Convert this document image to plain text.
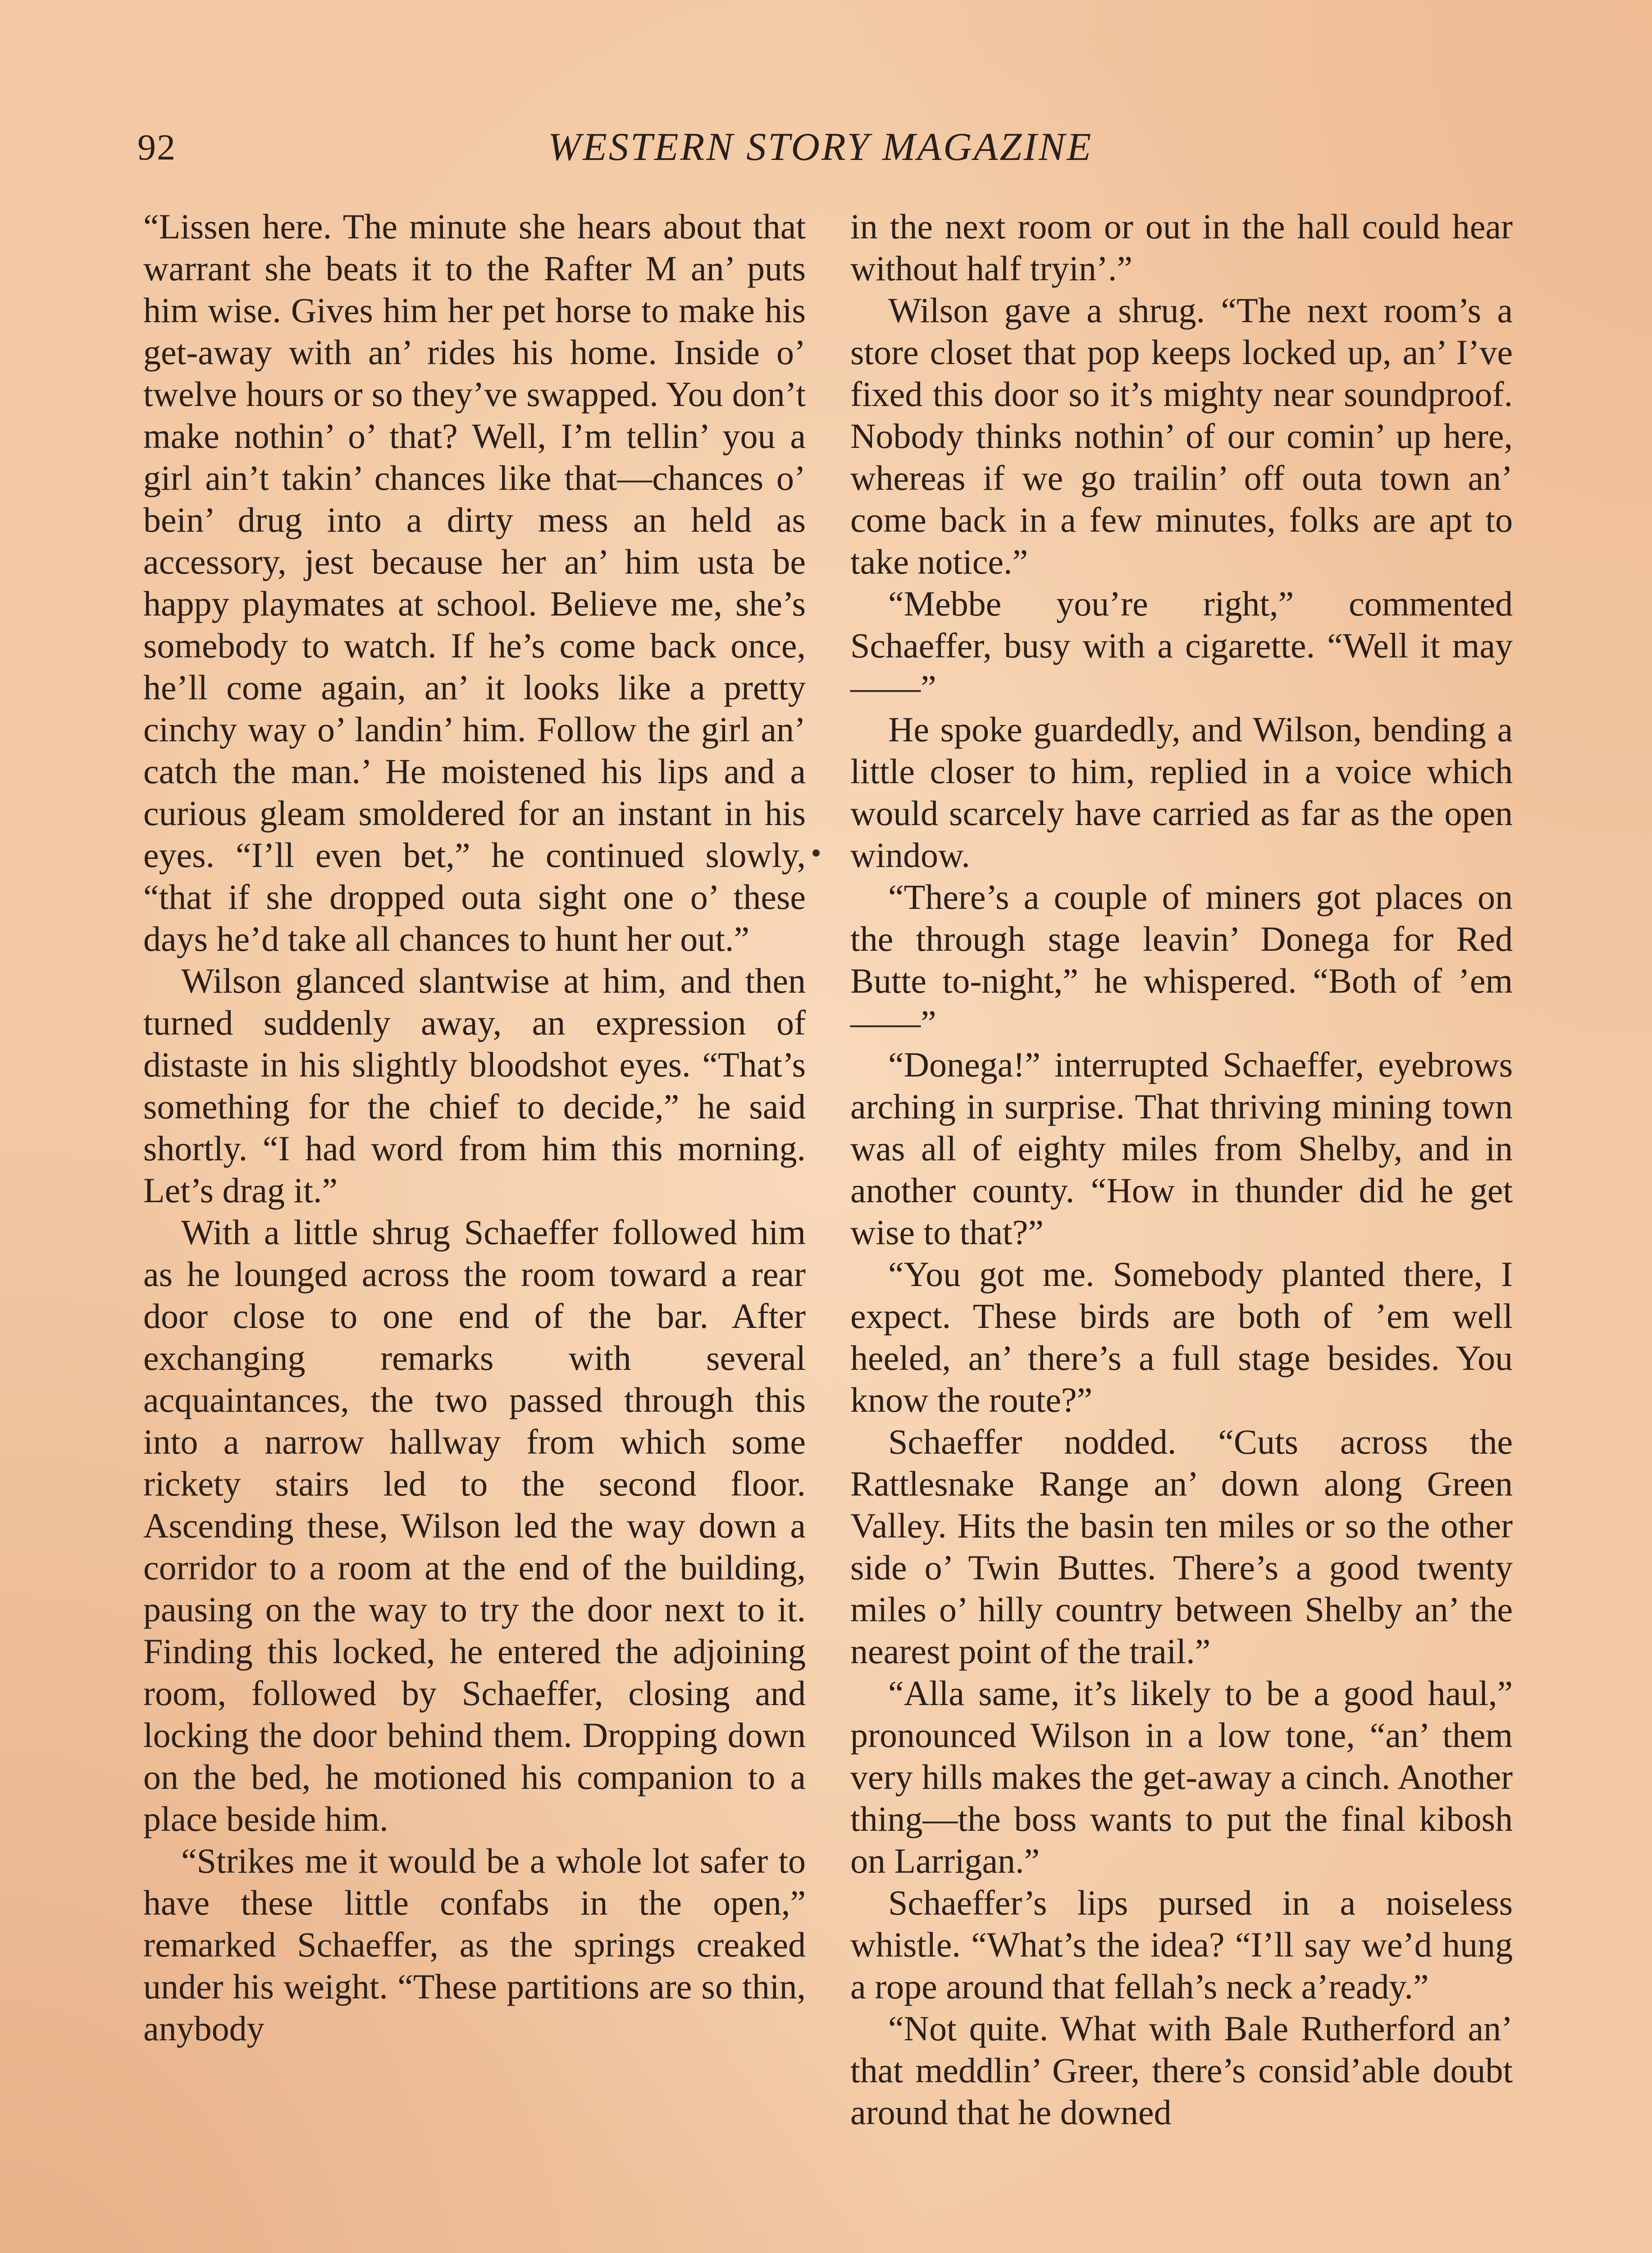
92	WESTERN STORY MAGAZINE

“Lissen here. The minute she hears about that warrant she beats it to the Rafter M an’ puts him wise. Gives him her pet horse to make his get-away with an’ rides his home. Inside o’ twelve hours or so they’ve swapped. You don’t make nothin’ o’ that? Well, I’m tellin’ you a girl ain’t takin’ chances like that—chances o’ bein’ drug into a dirty mess an held as accessory, jest because her an’ him usta be happy playmates at school. Believe me, she’s somebody to watch. If he’s come back once, he’ll come again, an’ it looks like a pretty cinchy way o’ landin’ him. Follow the girl an’ catch the man.’ He moistened his lips and a curious gleam smoldered for an instant in his eyes. “I’ll even bet,” he continued slowly, “that if she dropped outa sight one o’ these days he’d take all chances to hunt her out.”

Wilson glanced slantwise at him, and then turned suddenly away, an expression of distaste in his slightly bloodshot eyes. “That’s something for the chief to decide,” he said shortly. “I had word from him this morning. Let’s drag it.”

With a little shrug Schaeffer followed him as he lounged across the room toward a rear door close to one end of the bar. After exchanging remarks with several acquaintances, the two passed through this into a narrow hallway from which some rickety stairs led to the second floor. Ascending these, Wilson led the way down a corridor to a room at the end of the building, pausing on the way to try the door next to it. Finding this locked, he entered the adjoining room, followed by Schaeffer, closing and locking the door behind them. Dropping down on the bed, he motioned his companion to a place beside him.

“Strikes me it would be a whole lot safer to have these little confabs in the open,” remarked Schaeffer, as the springs creaked under his weight. “These partitions are so thin, anybody

in the next room or out in the hall could hear without half tryin’.”

Wilson gave a shrug. “The next room’s a store closet that pop keeps locked up, an’ I’ve fixed this door so it’s mighty near soundproof. Nobody thinks nothin’ of our comin’ up here, whereas if we go trailin’ off outa town an’ come back in a few minutes, folks are apt to take notice.”

“Mebbe you’re right,” commented Schaeffer, busy with a cigarette. “Well it may——”

He spoke guardedly, and Wilson, bending a little closer to him, replied in a voice which would scarcely have carried as far as the open window.

“There’s a couple of miners got places on the through stage leavin’ Donega for Red Butte to-night,” he whispered. “Both of ’em——”

“Donega!” interrupted Schaeffer, eyebrows arching in surprise. That thriving mining town was all of eighty miles from Shelby, and in another county. “How in thunder did he get wise to that?”

“You got me. Somebody planted there, I expect. These birds are both of ’em well heeled, an’ there’s a full stage besides. You know the route?”

Schaeffer nodded. “Cuts across the Rattlesnake Range an’ down along Green Valley. Hits the basin ten miles or so the other side o’ Twin Buttes. There’s a good twenty miles o’ hilly country between Shelby an’ the nearest point of the trail.”

“Alla same, it’s likely to be a good haul,” pronounced Wilson in a low tone, “an’ them very hills makes the get-away a cinch. Another thing—the boss wants to put the final kibosh on Larrigan.”

Schaeffer’s lips pursed in a noiseless whistle. “What’s the idea? “I’ll say we’d hung a rope around that fellah’s neck a’ready.”

“Not quite. What with Bale Rutherford an’ that meddlin’ Greer, there’s consid’able doubt around that he downed
